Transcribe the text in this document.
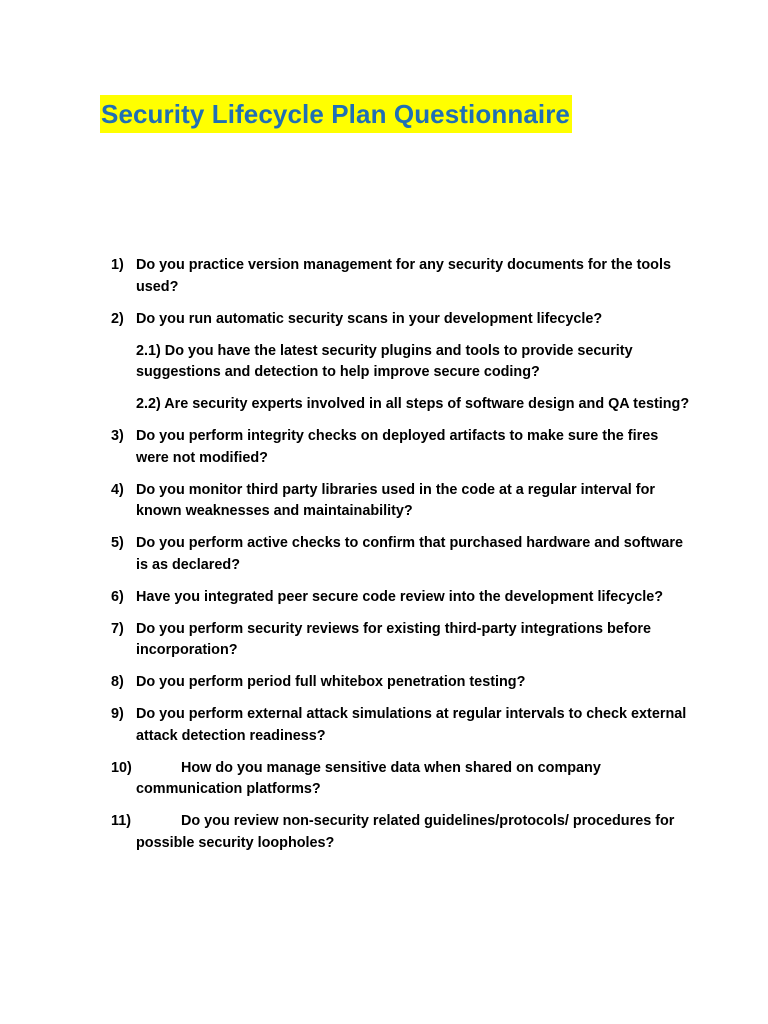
Security Lifecycle Plan Questionnaire
1) Do you practice version management for any security documents for the tools used?
2) Do you run automatic security scans in your development lifecycle?
2.1) Do you have the latest security plugins and tools to provide security suggestions and detection to help improve secure coding?
2.2) Are security experts involved in all steps of software design and QA testing?
3) Do you perform integrity checks on deployed artifacts to make sure the fires were not modified?
4) Do you monitor third party libraries used in the code at a regular interval for known weaknesses and maintainability?
5) Do you perform active checks to confirm that purchased hardware and software is as declared?
6) Have you integrated peer secure code review into the development lifecycle?
7) Do you perform security reviews for existing third-party integrations before incorporation?
8) Do you perform period full whitebox penetration testing?
9) Do you perform external attack simulations at regular intervals to check external attack detection readiness?
10)	How do you manage sensitive data when shared on company communication platforms?
11)	Do you review non-security related guidelines/protocols/ procedures for possible security loopholes?
